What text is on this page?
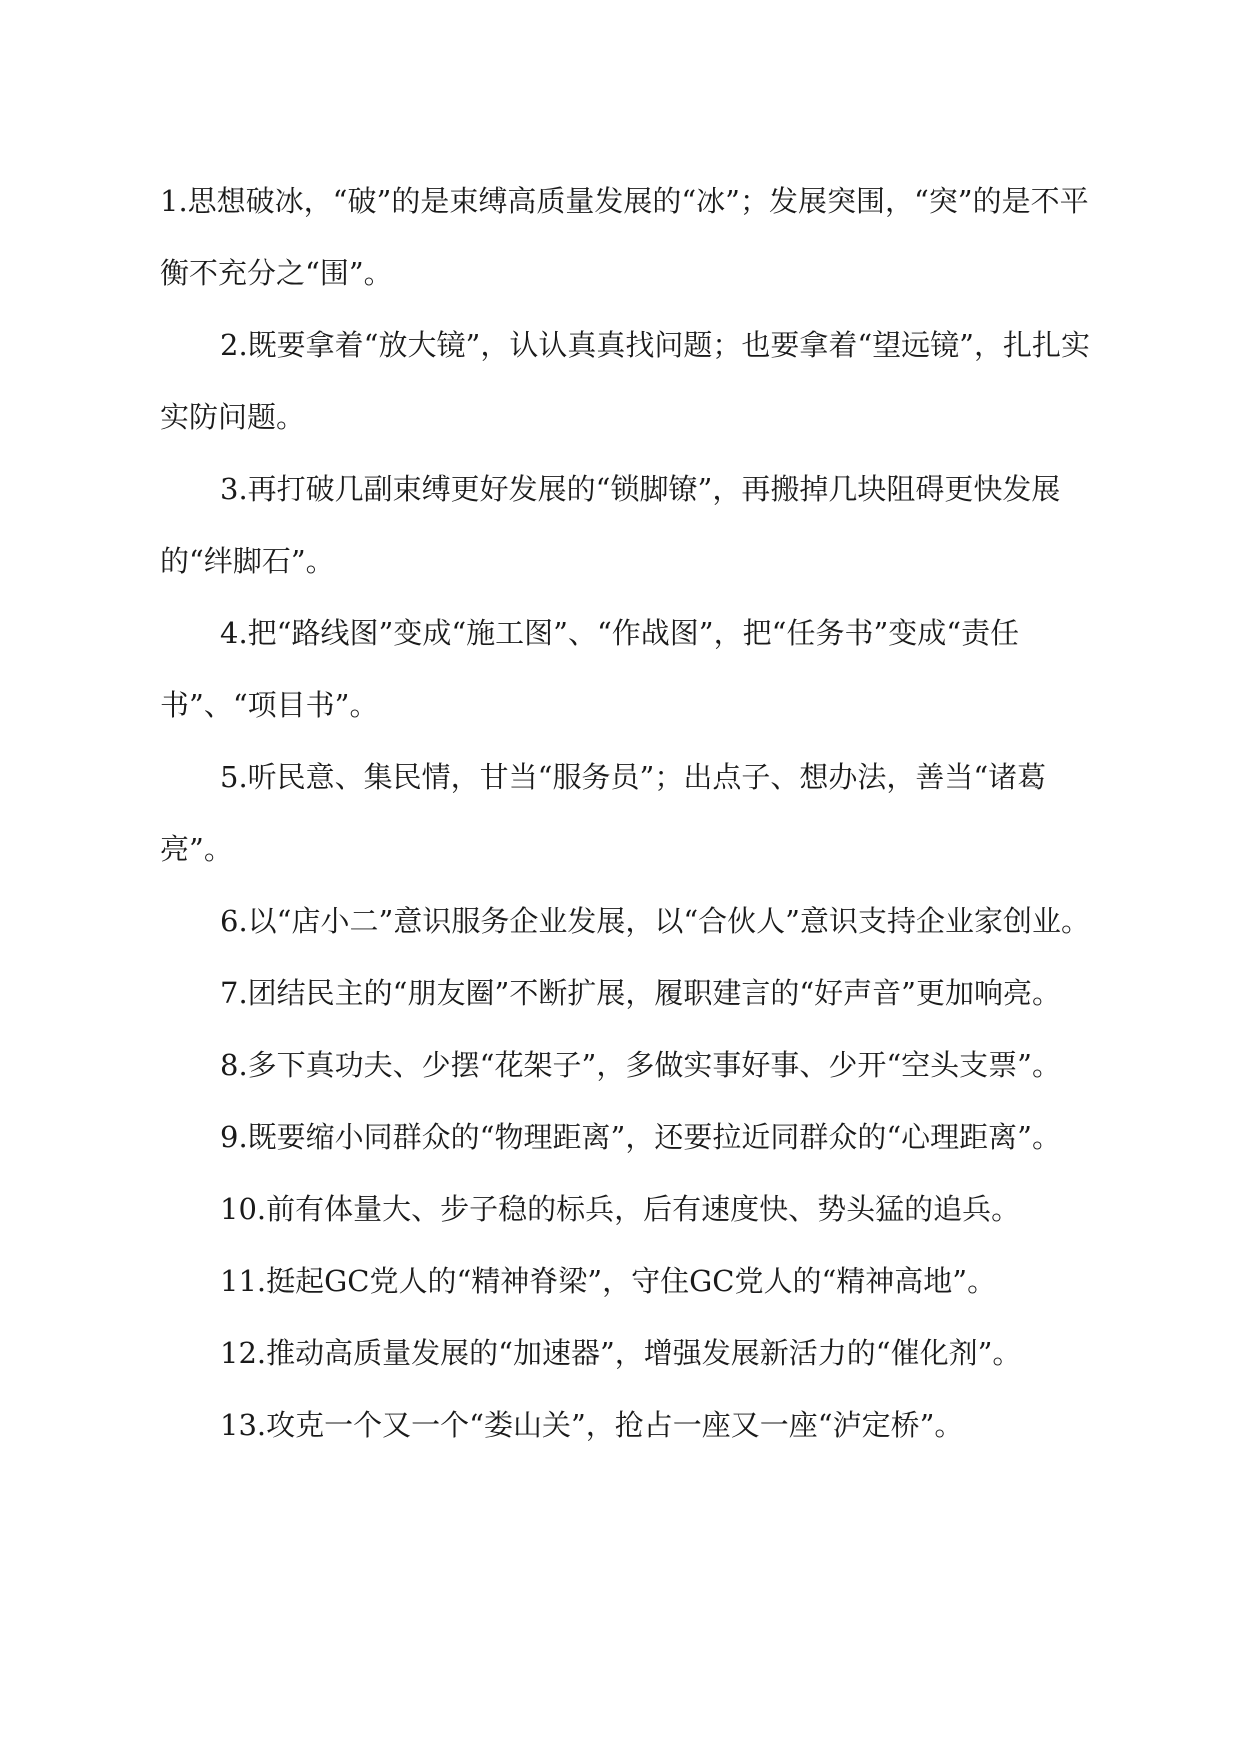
1.思想破冰，“破”的是束缚高质量发展的“冰”；发展突围，“突”的是不平衡不充分之“围”。

2.既要拿着“放大镜”，认认真真找问题；也要拿着“望远镜”，扎扎实实防问题。

3.再打破几副束缚更好发展的“锁脚镣”，再搬掉几块阻碍更快发展的“绊脚石”。

4.把“路线图”变成“施工图”、“作战图”，把“任务书”变成“责任书”、“项目书”。

5.听民意、集民情，甘当“服务员”；出点子、想办法，善当“诸葛亮”。

6.以“店小二”意识服务企业发展，以“合伙人”意识支持企业家创业。

7.团结民主的“朋友圈”不断扩展，履职建言的“好声音”更加响亮。

8.多下真功夫、少摆“花架子”，多做实事好事、少开“空头支票”。

9.既要缩小同群众的“物理距离”，还要拉近同群众的“心理距离”。

10.前有体量大、步子稳的标兵，后有速度快、势头猛的追兵。

11.挺起GC党人的“精神脊梁”，守住GC党人的“精神高地”。

12.推动高质量发展的“加速器”，增强发展新活力的“催化剂”。

13.攻克一个又一个“娄山关”，抢占一座又一座“泸定桥”。
